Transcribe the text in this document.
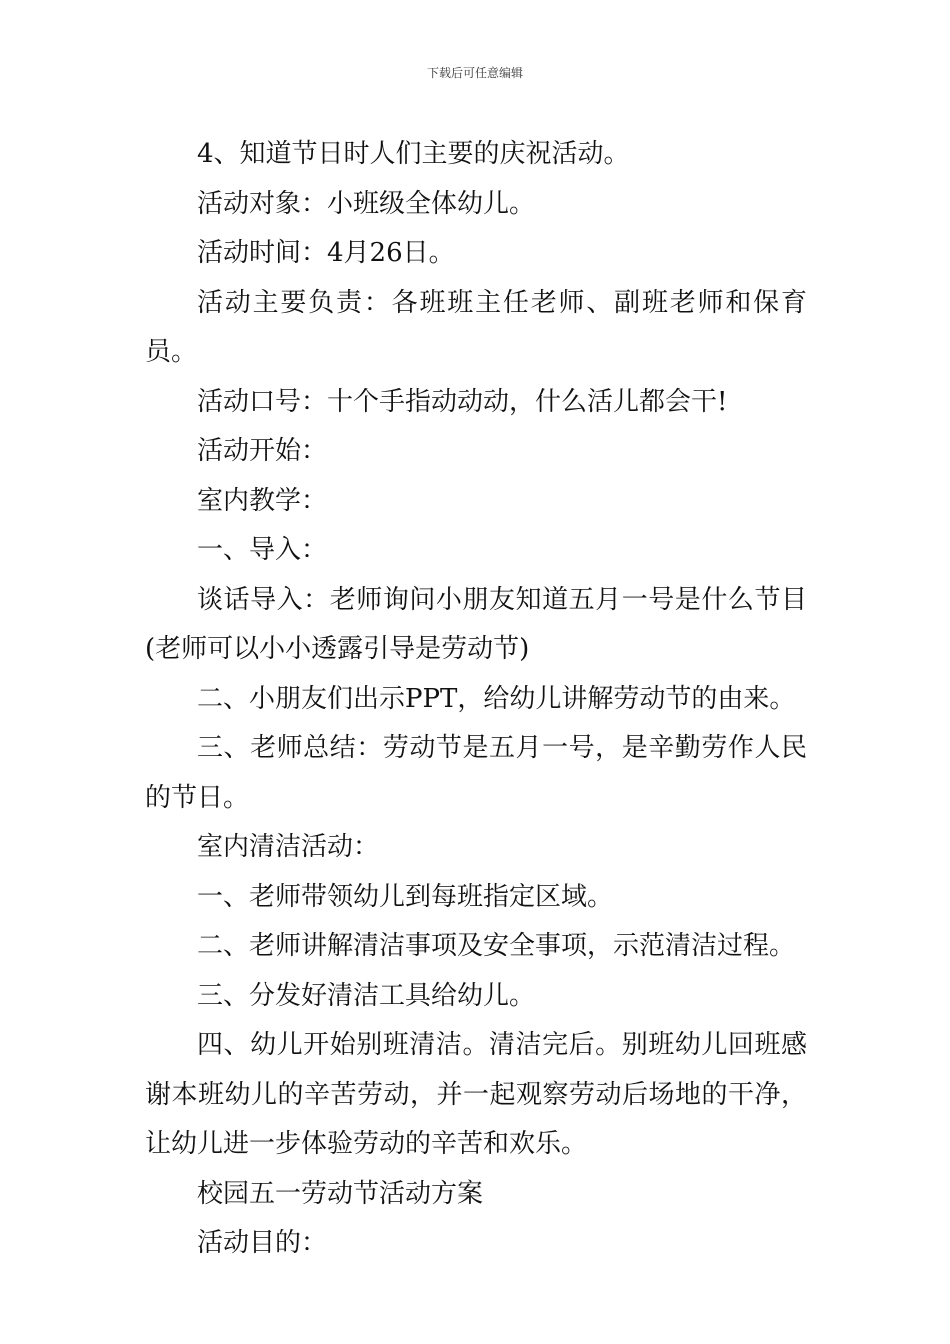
下载后可任意编辑

4、知道节日时人们主要的庆祝活动。

活动对象：小班级全体幼儿。

活动时间：4月26日。

活动主要负责：各班班主任老师、副班老师和保育员。

活动口号：十个手指动动动，什么活儿都会干!

活动开始：

室内教学：

一、导入：

谈话导入：老师询问小朋友知道五月一号是什么节目(老师可以小小透露引导是劳动节)

二、小朋友们出示PPT，给幼儿讲解劳动节的由来。

三、老师总结：劳动节是五月一号，是辛勤劳作人民的节日。

室内清洁活动：

一、老师带领幼儿到每班指定区域。

二、老师讲解清洁事项及安全事项，示范清洁过程。

三、分发好清洁工具给幼儿。

四、幼儿开始别班清洁。清洁完后。别班幼儿回班感谢本班幼儿的辛苦劳动，并一起观察劳动后场地的干净，让幼儿进一步体验劳动的辛苦和欢乐。

校园五一劳动节活动方案

活动目的：
